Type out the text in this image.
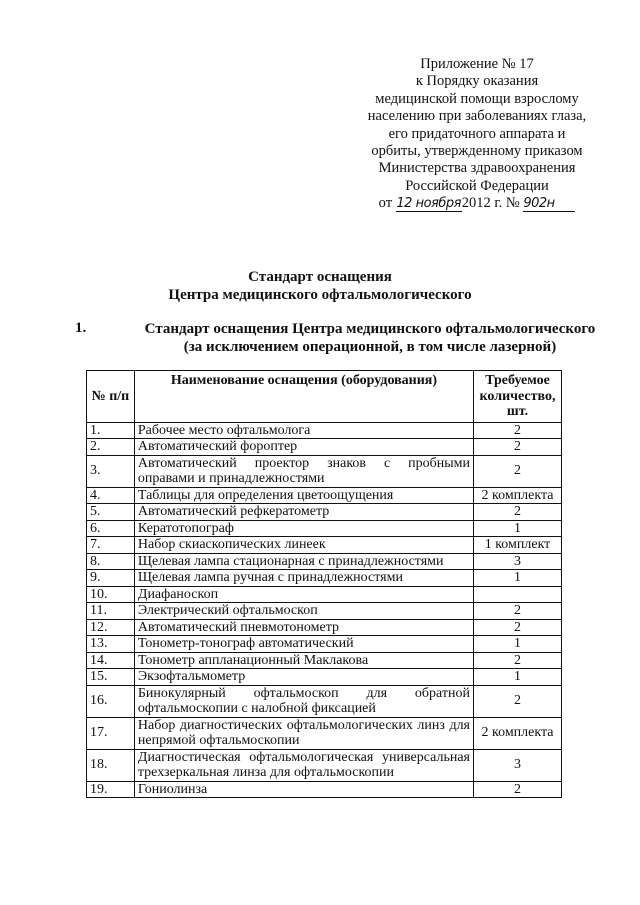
Приложение № 17
к Порядку оказания
медицинской помощи взрослому
населению при заболеваниях глаза,
его придаточного аппарата и
орбиты, утвержденному приказом
Министерства здравоохранения
Российской Федерации
от 12 ноября2012 г. № 902н
Стандарт оснащения
Центра медицинского офтальмологического
1.	Стандарт оснащения Центра медицинского офтальмологического
(за исключением операционной, в том числе лазерной)
№ п/п	Наименование оснащения (оборудования)	Требуемое количество, шт.
1.	Рабочее место офтальмолога	2
2.	Автоматический фороптер	2
3.	Автоматический проектор знаков с пробными оправами и принадлежностями	2
4.	Таблицы для определения цветоощущения	2 комплекта
5.	Автоматический рефкератометр	2
6.	Кератотопограф	1
7.	Набор скиаскопических линеек	1 комплект
8.	Щелевая лампа стационарная с принадлежностями	3
9.	Щелевая лампа ручная с принадлежностями	1
10.	Диафаноскоп	
11.	Электрический офтальмоскоп	2
12.	Автоматический пневмотонометр	2
13.	Тонометр-тонограф автоматический	1
14.	Тонометр аппланационный Маклакова	2
15.	Экзофтальмометр	1
16.	Бинокулярный офтальмоскоп для обратной офтальмоскопии с налобной фиксацией	2
17.	Набор диагностических офтальмологических линз для непрямой офтальмоскопии	2 комплекта
18.	Диагностическая офтальмологическая универсальная трехзеркальная линза для офтальмоскопии	3
19.	Гониолинза	2
